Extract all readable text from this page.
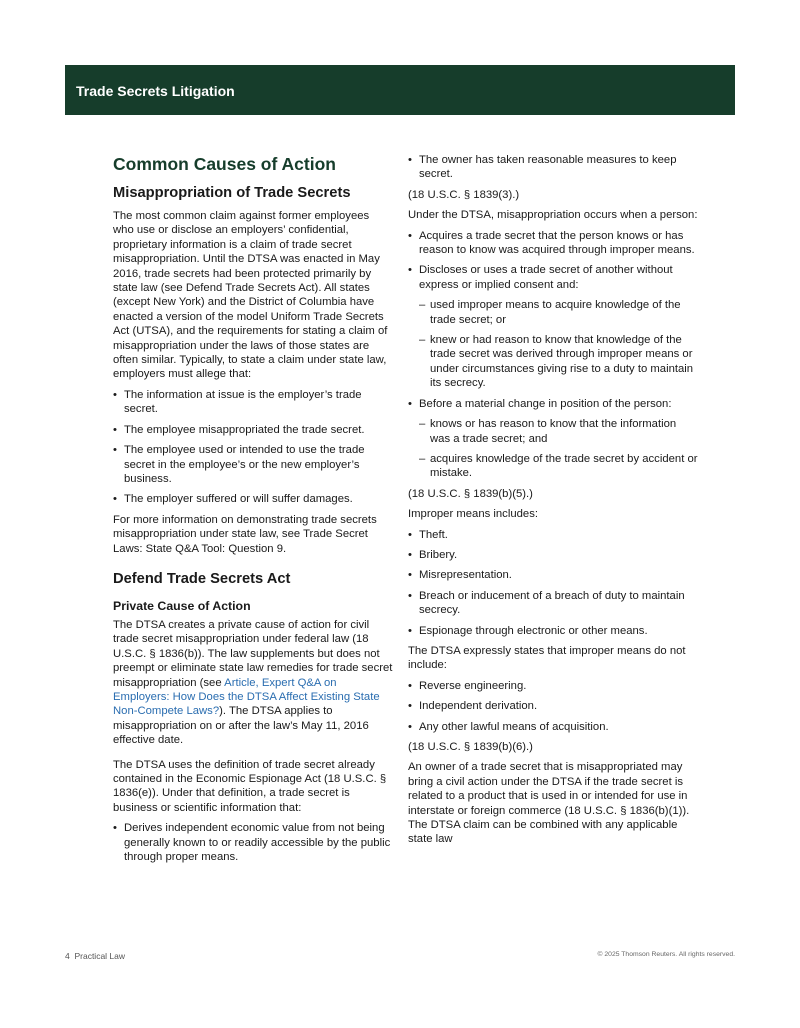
Trade Secrets Litigation
Common Causes of Action
Misappropriation of Trade Secrets

The most common claim against former employees who use or disclose an employers’ confidential, proprietary information is a claim of trade secret misappropriation. Until the DTSA was enacted in May 2016, trade secrets had been protected primarily by state law (see Defend Trade Secrets Act). All states (except New York) and the District of Columbia have enacted a version of the model Uniform Trade Secrets Act (UTSA), and the requirements for stating a claim of misappropriation under the laws of those states are often similar. Typically, to state a claim under state law, employers must allege that:

• The information at issue is the employer’s trade secret.
• The employee misappropriated the trade secret.
• The employee used or intended to use the trade secret in the employee’s or the new employer’s business.
• The employer suffered or will suffer damages.

For more information on demonstrating trade secrets misappropriation under state law, see Trade Secret Laws: State Q&A Tool: Question 9.

Defend Trade Secrets Act
Private Cause of Action

The DTSA creates a private cause of action for civil trade secret misappropriation under federal law (18 U.S.C. § 1836(b)). The law supplements but does not preempt or eliminate state law remedies for trade secret misappropriation (see Article, Expert Q&A on Employers: How Does the DTSA Affect Existing State Non-Compete Laws?). The DTSA applies to misappropriation on or after the law’s May 11, 2016 effective date.

The DTSA uses the definition of trade secret already contained in the Economic Espionage Act (18 U.S.C. § 1836(e)). Under that definition, a trade secret is business or scientific information that:

• Derives independent economic value from not being generally known to or readily accessible by the public through proper means.
• The owner has taken reasonable measures to keep secret.

(18 U.S.C. § 1839(3).)

Under the DTSA, misappropriation occurs when a person:

• Acquires a trade secret that the person knows or has reason to know was acquired through improper means.
• Discloses or uses a trade secret of another without express or implied consent and:
– used improper means to acquire knowledge of the trade secret; or
– knew or had reason to know that knowledge of the trade secret was derived through improper means or under circumstances giving rise to a duty to maintain its secrecy.
• Before a material change in position of the person:
– knows or has reason to know that the information was a trade secret; and
– acquires knowledge of the trade secret by accident or mistake.

(18 U.S.C. § 1839(b)(5).)

Improper means includes:

• Theft.
• Bribery.
• Misrepresentation.
• Breach or inducement of a breach of duty to maintain secrecy.
• Espionage through electronic or other means.

The DTSA expressly states that improper means do not include:

• Reverse engineering.
• Independent derivation.
• Any other lawful means of acquisition.

(18 U.S.C. § 1839(b)(6).)

An owner of a trade secret that is misappropriated may bring a civil action under the DTSA if the trade secret is related to a product that is used in or intended for use in interstate or foreign commerce (18 U.S.C. § 1836(b)(1)). The DTSA claim can be combined with any applicable state law

4 Practical Law	© 2025 Thomson Reuters. All rights reserved.
